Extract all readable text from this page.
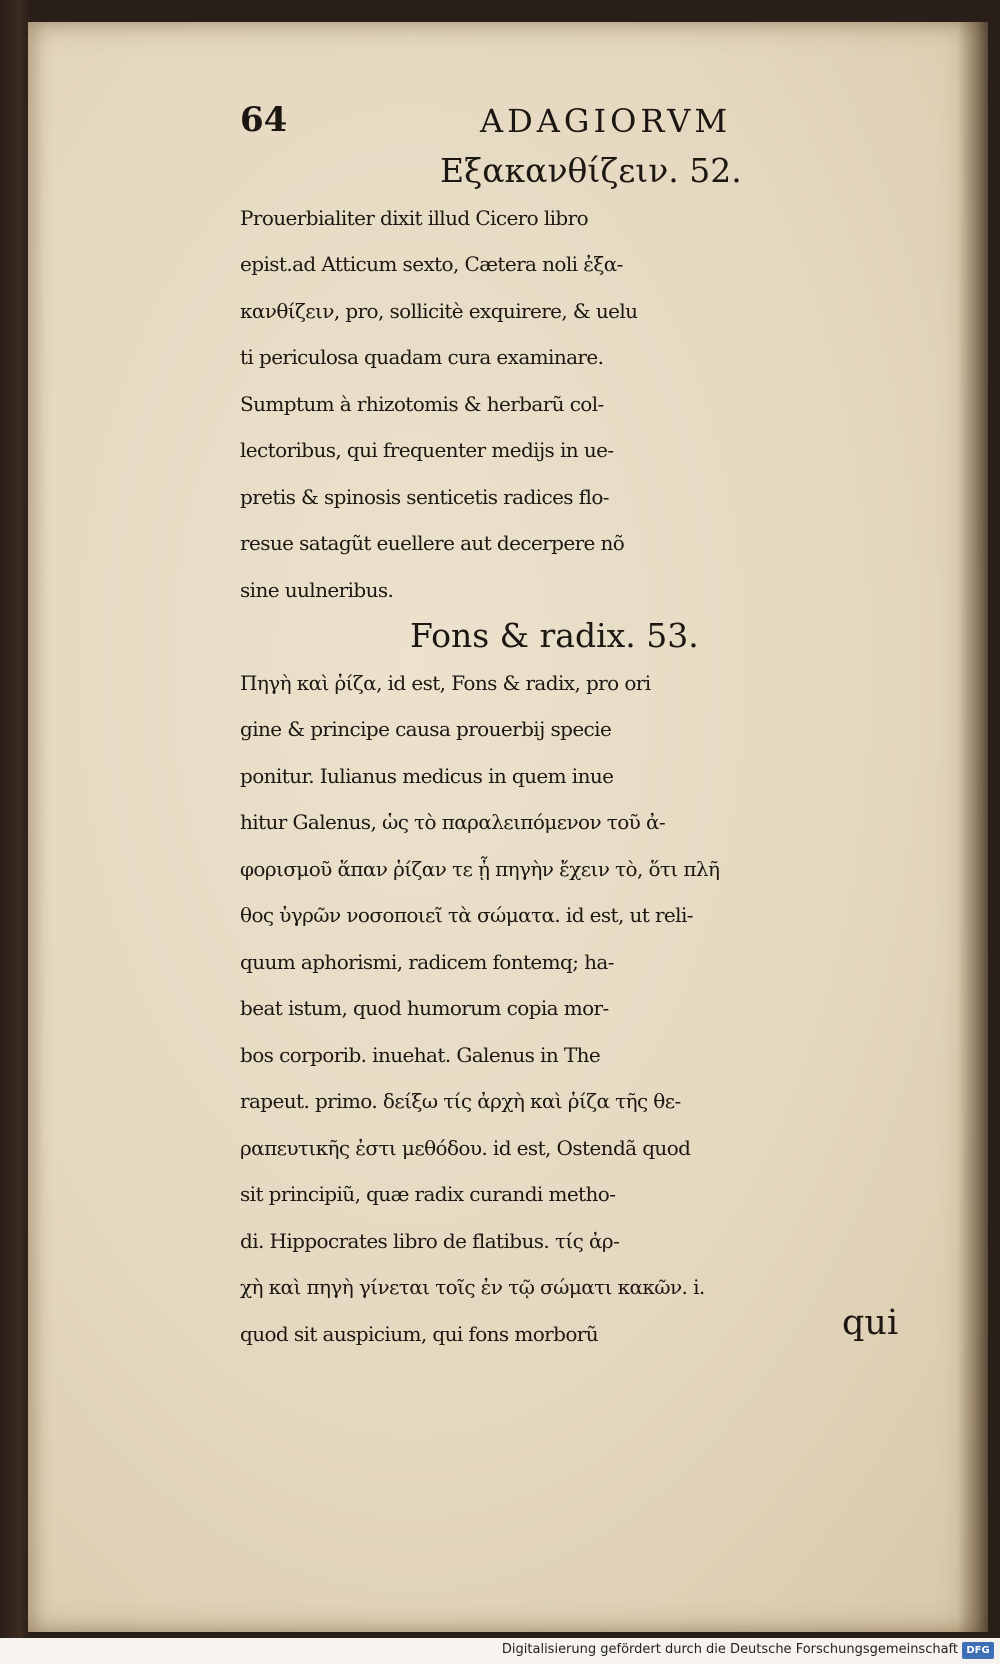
64	ADAGIORVM
Εξακανθίζειν. 52.
Prouerbialiter dixit illud Cicero libro
epist.ad Atticum sexto, Cætera noli ἐξα-
κανθίζειν, pro, sollicitè exquirere, & uelu
ti periculosa quadam cura examinare.
Sumptum à rhizotomis & herbarũ col-
lectoribus, qui frequenter medijs in ue-
pretis & spinosis senticetis radices flo-
resue satagũt euellere aut decerpere nõ
sine uulneribus.
Fons & radix. 53.
Πηγὴ καὶ ῥίζα, id est, Fons & radix, pro ori
gine & principe causa prouerbij specie
ponitur. Iulianus medicus in quem inue
hitur Galenus, ὡς τὸ παραλειπόμενον τοῦ ἀ-
φορισμοῦ ἅπαν ῥίζαν τε ᾗ πηγὴν ἔχειν τὸ, ὅτι πλῆ
θος ὑγρῶν νοσοποιεῖ τὰ σώματα. id est, ut reli-
quum aphorismi, radicem fontemq; ha-
beat istum, quod humorum copia mor-
bos corporib. inuehat. Galenus in The
rapeut. primo. δείξω τίς ἀρχὴ καὶ ῥίζα τῆς θε-
ραπευτικῆς ἐστι μεθόδου. id est, Ostendã quod
sit principiũ, quæ radix curandi metho-
di. Hippocrates libro de flatibus. τίς ἀρ-
χὴ καὶ πηγὴ γίνεται τοῖς ἐν τῷ σώματι κακῶν. i.
quod sit auspicium, qui fons morborũ	qui
Digitalisierung gefördert durch die Deutsche Forschungsgemeinschaft DFG
